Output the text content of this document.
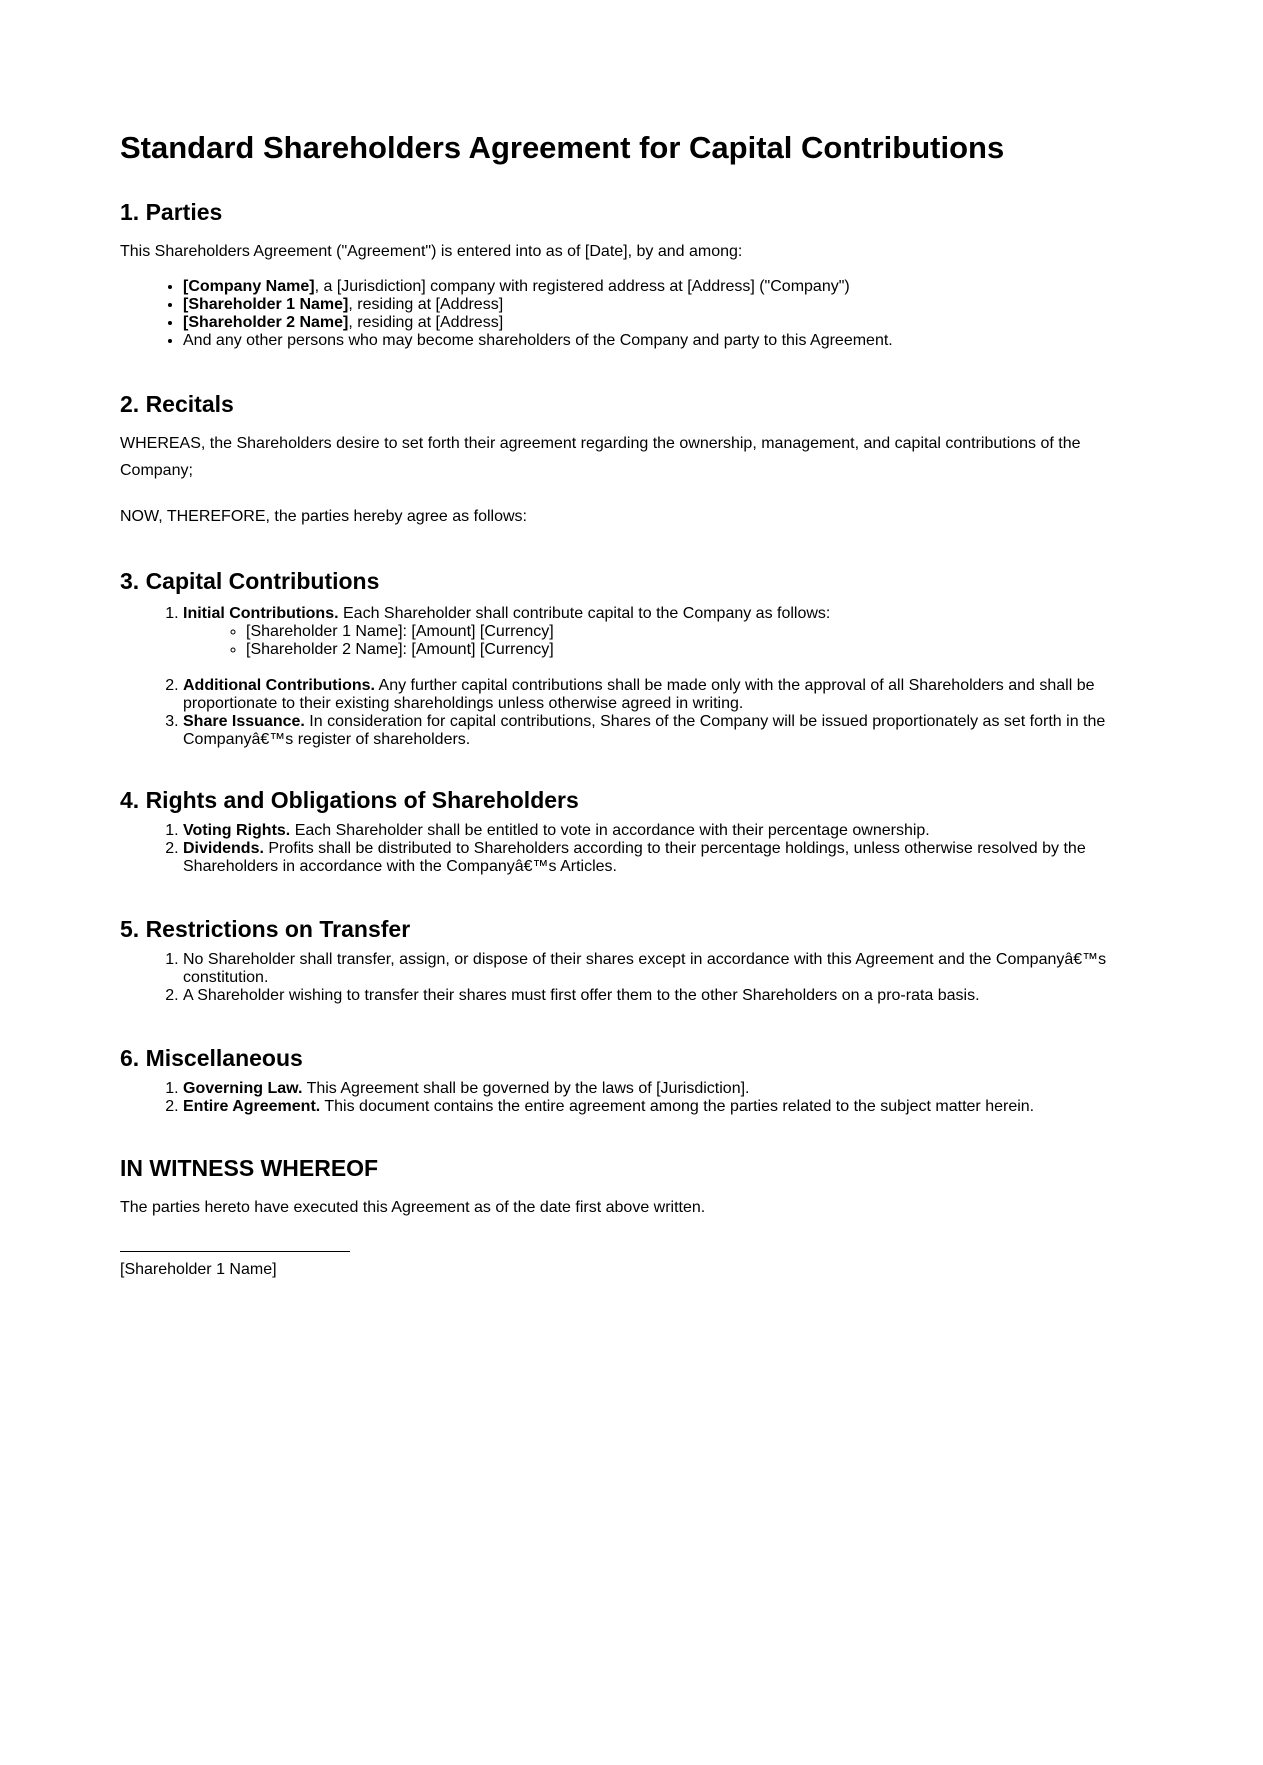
Standard Shareholders Agreement for Capital Contributions
1. Parties

This Shareholders Agreement ("Agreement") is entered into as of [Date], by and among:

• [Company Name], a [Jurisdiction] company with registered address at [Address] ("Company")
• [Shareholder 1 Name], residing at [Address]
• [Shareholder 2 Name], residing at [Address]
• And any other persons who may become shareholders of the Company and party to this Agreement.
2. Recitals

WHEREAS, the Shareholders desire to set forth their agreement regarding the ownership, management, and capital contributions of the Company;

NOW, THEREFORE, the parties hereby agree as follows:

3. Capital Contributions
1. Initial Contributions. Each Shareholder shall contribute capital to the Company as follows:
◦ [Shareholder 1 Name]: [Amount] [Currency]
◦ [Shareholder 2 Name]: [Amount] [Currency]
2. Additional Contributions. Any further capital contributions shall be made only with the approval of all Shareholders and shall be proportionate to their existing shareholdings unless otherwise agreed in writing.
3. Share Issuance. In consideration for capital contributions, Shares of the Company will be issued proportionately as set forth in the Companyâ€™s register of shareholders.
4. Rights and Obligations of Shareholders
1. Voting Rights. Each Shareholder shall be entitled to vote in accordance with their percentage ownership.
2. Dividends. Profits shall be distributed to Shareholders according to their percentage holdings, unless otherwise resolved by the Shareholders in accordance with the Companyâ€™s Articles.
5. Restrictions on Transfer
1. No Shareholder shall transfer, assign, or dispose of their shares except in accordance with this Agreement and the Companyâ€™s constitution.
2. A Shareholder wishing to transfer their shares must first offer them to the other Shareholders on a pro-rata basis.
6. Miscellaneous
1. Governing Law. This Agreement shall be governed by the laws of [Jurisdiction].
2. Entire Agreement. This document contains the entire agreement among the parties related to the subject matter herein.
IN WITNESS WHEREOF

The parties hereto have executed this Agreement as of the date first above written.

[Shareholder 1 Name]
